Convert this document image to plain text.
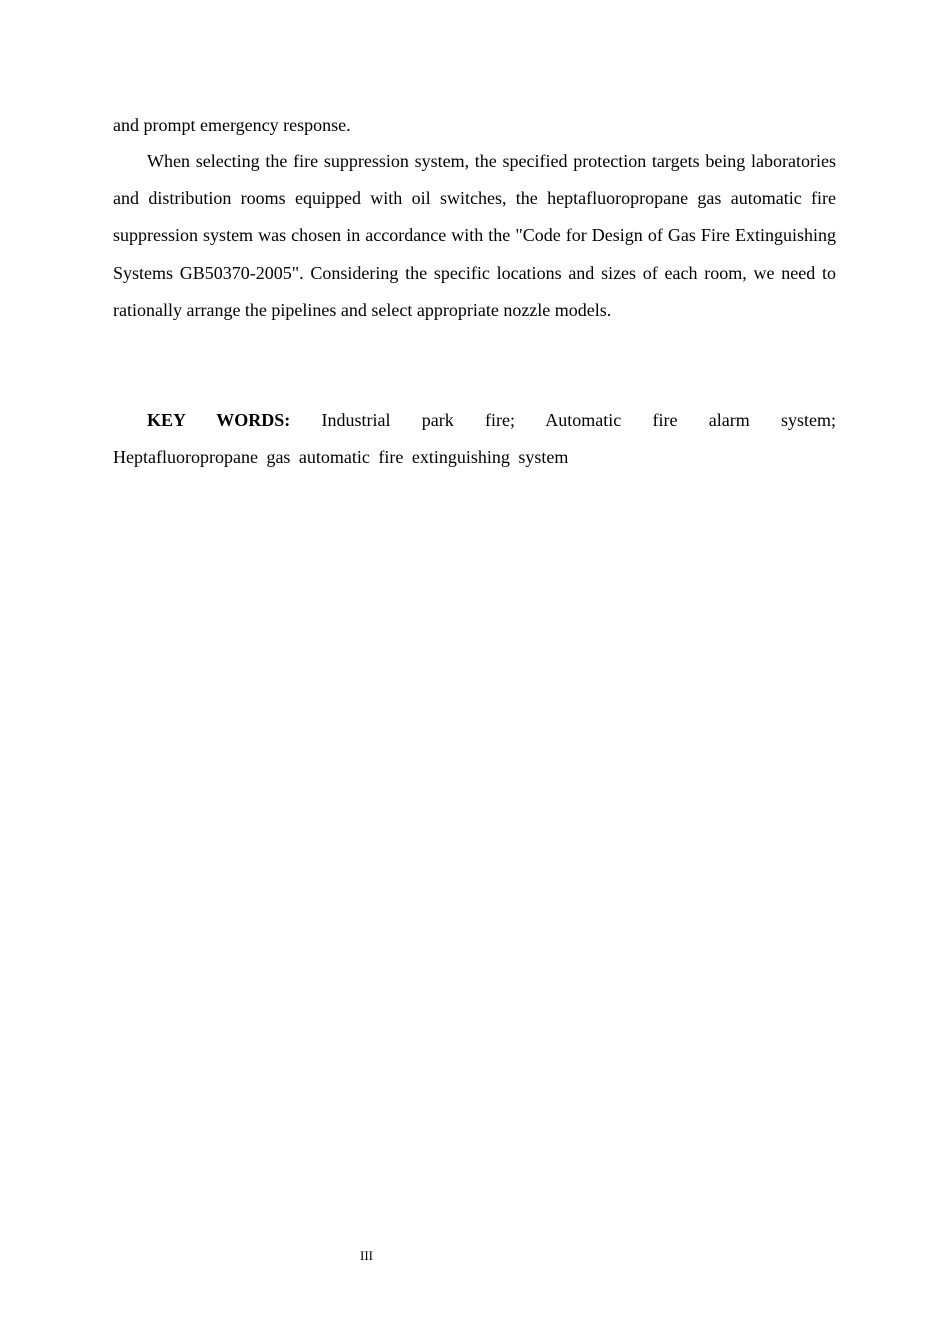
and prompt emergency response.
When selecting the fire suppression system, the specified protection targets being laboratories and distribution rooms equipped with oil switches, the heptafluoropropane gas automatic fire suppression system was chosen in accordance with the "Code for Design of Gas Fire Extinguishing Systems GB50370-2005". Considering the specific locations and sizes of each room, we need to rationally arrange the pipelines and select appropriate nozzle models.
KEY WORDS: Industrial park fire; Automatic fire alarm system;
Heptafluoropropane gas automatic fire extinguishing system
III
